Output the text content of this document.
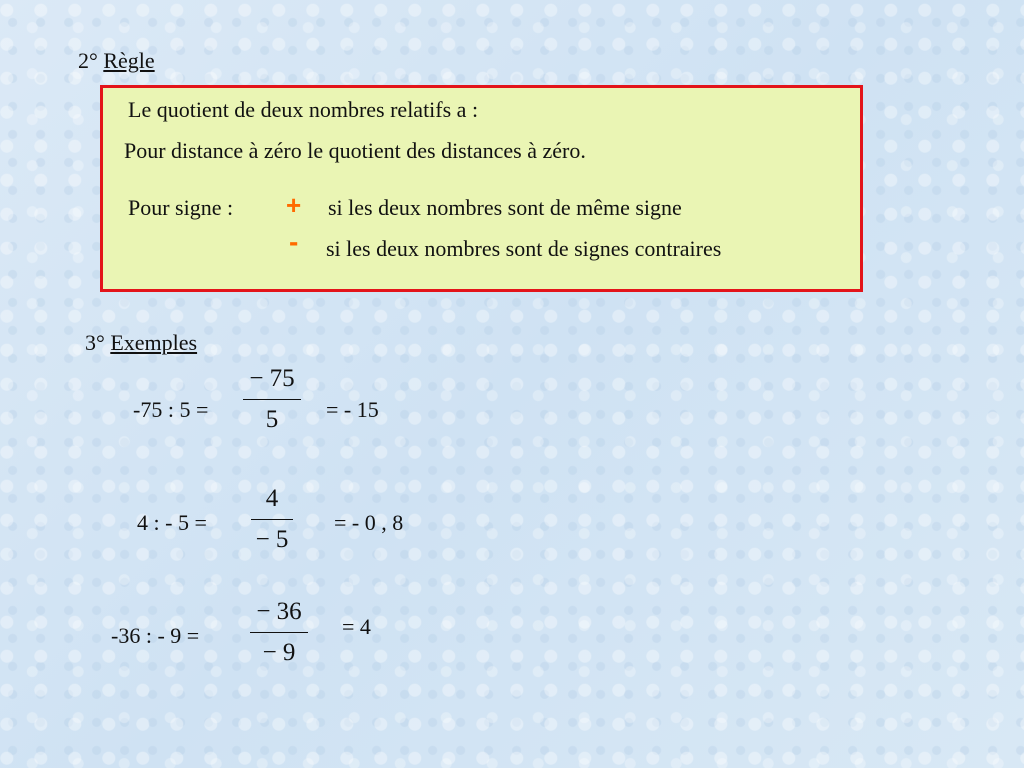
2° Règle
Le quotient de deux nombres relatifs a :
Pour distance à zéro le quotient des distances à zéro.
Pour signe : + si les deux nombres sont de même signe
- si les deux nombres sont de signes contraires
3° Exemples
-75 : 5 =
− 75
5	= - 15
4 : - 5 =
4
− 5
= - 0 , 8
-36 : - 9 =
− 36
− 9
= 4
